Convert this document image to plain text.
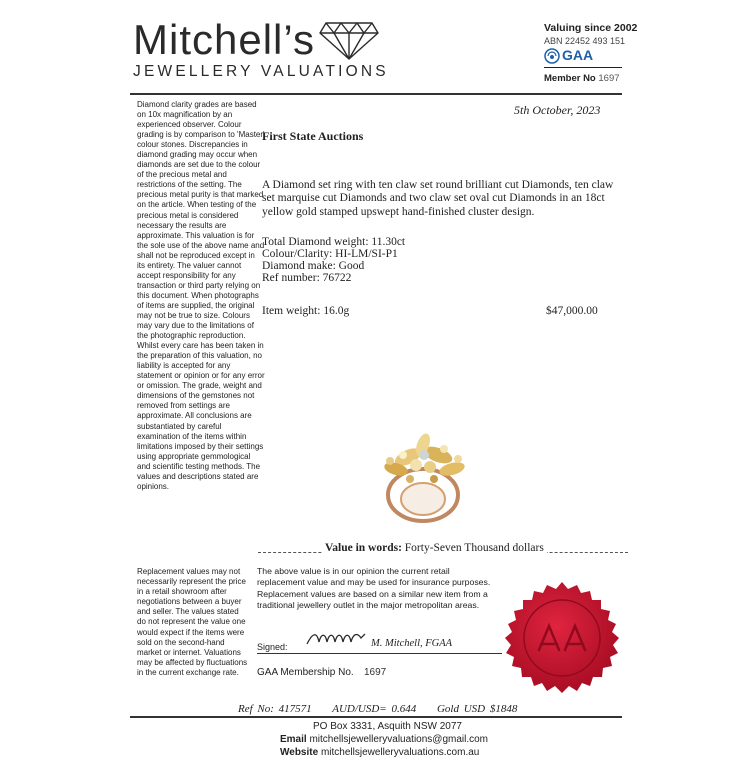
Mitchell’s
JEWELLERY VALUATIONS
Valuing since 2002
ABN 22452 493 151
GAA
Member No 1697
Diamond clarity grades are based on 10x magnification by an experienced observer. Colour grading is by comparison to 'Master' colour stones. Discrepancies in diamond grading may occur when diamonds are set due to the colour of the precious metal and restrictions of the setting. The precious metal purity is that marked on the article. When testing of the precious metal is considered necessary the results are approximate. This valuation is for the sole use of the above name and shall not be reproduced except in its entirety. The valuer cannot accept responsibility for any transaction or third party relying on this document. When photographs of items are supplied, the original may not be true to size. Colours may vary due to the limitations of the photographic reproduction. Whilst every care has been taken in the preparation of this valuation, no liability is accepted for any statement or opinion or for any error or omission. The grade, weight and dimensions of the gemstones not removed from settings are approximate. All conclusions are substantiated by careful examination of the items within limitations imposed by their settings using appropriate gemmological and scientific testing methods. The values and descriptions stated are opinions.
5th October, 2023
First State Auctions
A Diamond set ring with ten claw set round brilliant cut Diamonds, ten claw set marquise cut Diamonds and two claw set oval cut Diamonds in an 18ct yellow gold stamped upswept hand-finished cluster design.
Total Diamond weight: 11.30ct
Colour/Clarity: HI-LM/SI-P1
Diamond make: Good
Ref number: 76722
Item weight: 16.0g	$47,000.00
Value in words: Forty-Seven Thousand dollars
Replacement values may not necessarily represent the price in a retail showroom after negotiations between a buyer and seller. The values stated do not represent the value one would expect if the items were sold on the second-hand market or internet. Valuations may be affected by fluctuations in the current exchange rate.
The above value is in our opinion the current retail replacement value and may be used for insurance purposes. Replacement values are based on a similar new item from a traditional jewellery outlet in the major metropolitan areas.
Signed:	M. Mitchell, FGAA
GAA Membership No. 1697
Ref No: 417571 AUD/USD= 0.644 Gold USD $1848
PO Box 3331, Asquith NSW 2077
Email mitchellsjewelleryvaluations@gmail.com
Website mitchellsjewelleryvaluations.com.au
